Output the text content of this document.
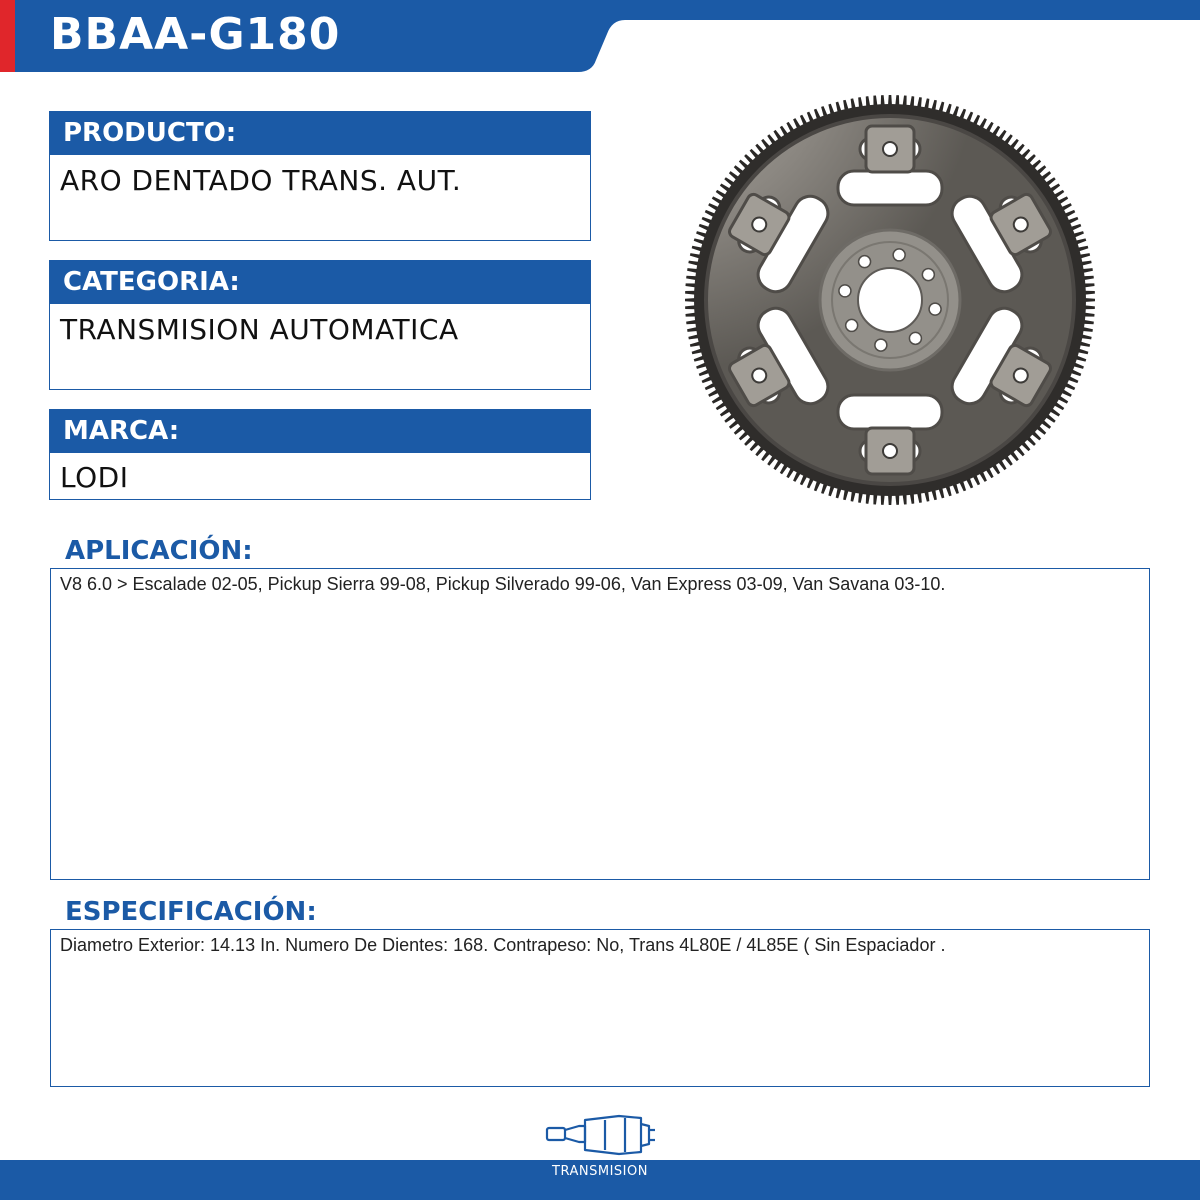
BBAA-G180
PRODUCTO:
ARO DENTADO TRANS. AUT.
CATEGORIA:
TRANSMISION AUTOMATICA
MARCA:
LODI
APLICACIÓN:
V8 6.0 > Escalade 02-05, Pickup Sierra 99-08, Pickup Silverado 99-06, Van Express 03-09, Van Savana 03-10.
ESPECIFICACIÓN:
Diametro Exterior: 14.13 In. Numero De Dientes: 168. Contrapeso: No, Trans 4L80E / 4L85E ( Sin Espaciador .
TRANSMISION
